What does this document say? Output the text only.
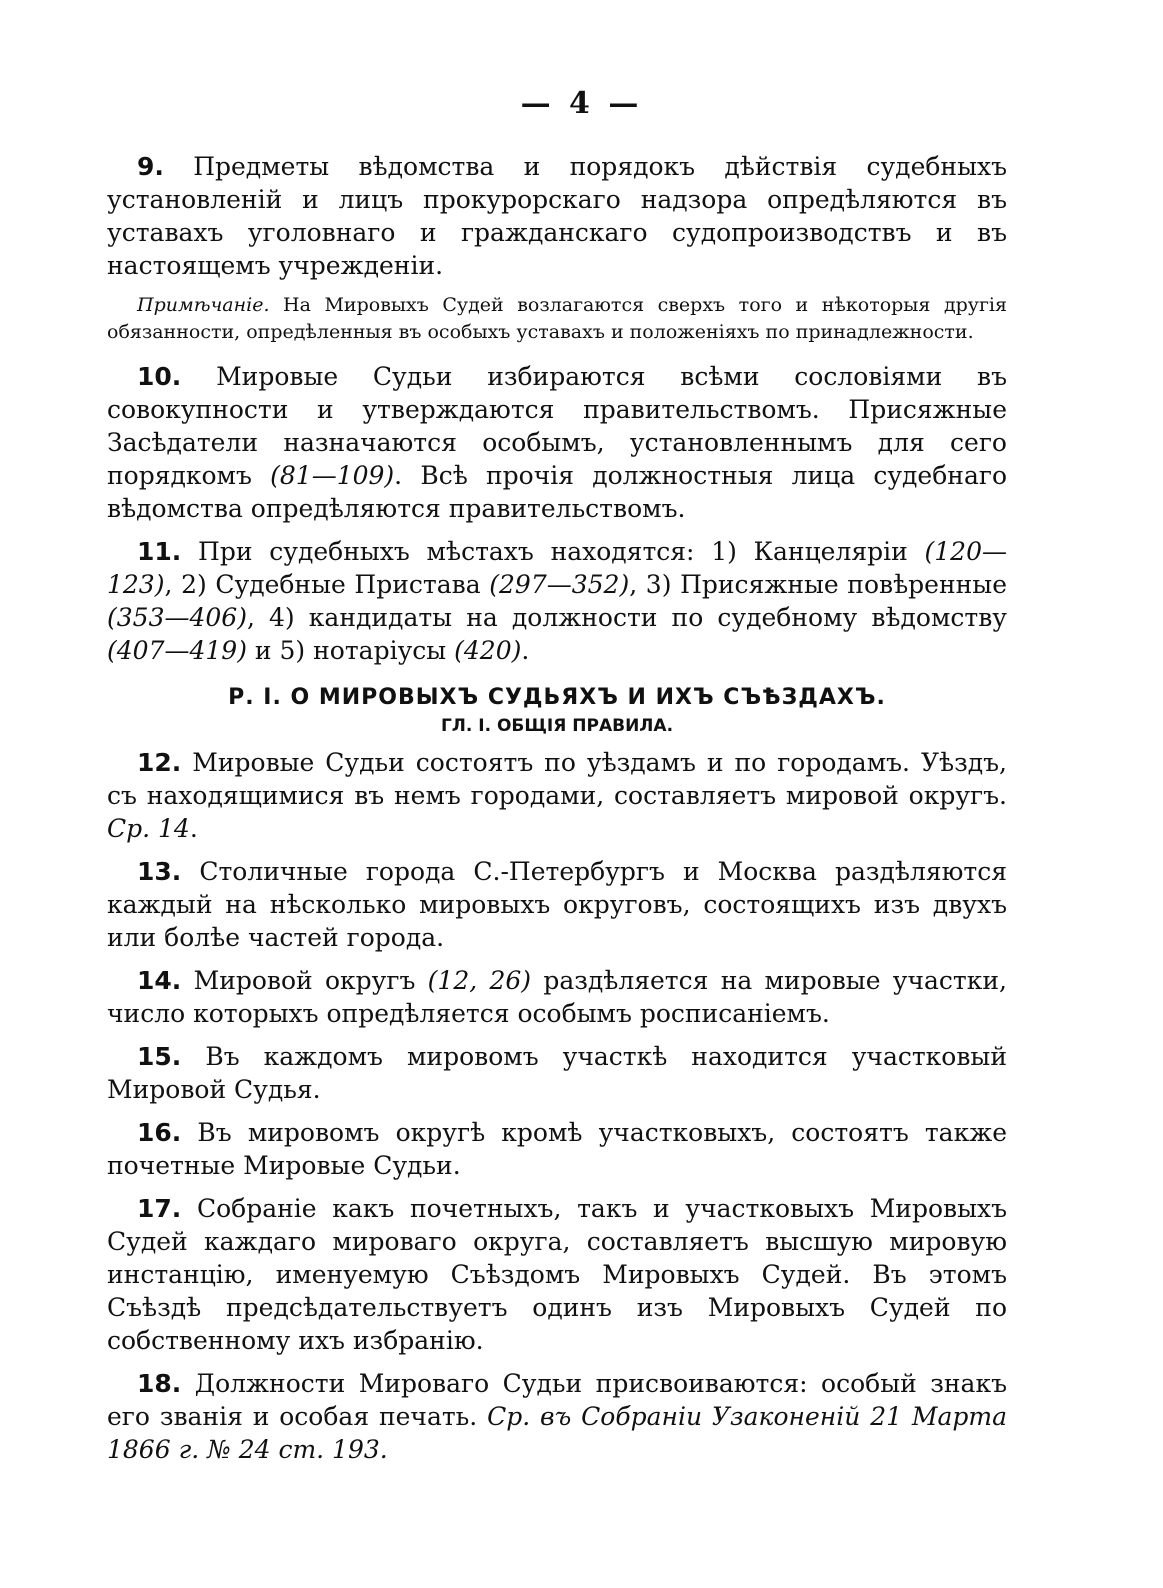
— 4 —

9. Предметы вѣдомства и порядокъ дѣйствія судебныхъ установленій и лицъ прокурорскаго надзора опредѣляются въ уставахъ уголовнаго и гражданскаго судопроизводствъ и въ настоящемъ учрежденіи.

Примѣчаніе. На Мировыхъ Судей возлагаются сверхъ того и нѣкоторыя другія обязанности, опредѣленныя въ особыхъ уставахъ и положеніяхъ по принадлежности.

10. Мировые Судьи избираются всѣми сословіями въ совокупности и утверждаются правительствомъ. Присяжные Засѣдатели назначаются особымъ, установленнымъ для сего порядкомъ (81—109). Всѣ прочія должностныя лица судебнаго вѣдомства опредѣляются правительствомъ.

11. При судебныхъ мѣстахъ находятся: 1) Канцеляріи (120—123), 2) Судебные Пристава (297—352), 3) Присяжные повѣренные (353—406), 4) кандидаты на должности по судебному вѣдомству (407—419) и 5) нотаріусы (420).

Р. I. О МИРОВЫХЪ СУДЬЯХЪ И ИХЪ СЪѢЗДАХЪ.
ГЛ. I. ОБЩІЯ ПРАВИЛА.

12. Мировые Судьи состоятъ по уѣздамъ и по городамъ. Уѣздъ, съ находящимися въ немъ городами, составляетъ мировой округъ. Ср. 14.

13. Столичные города С.-Петербургъ и Москва раздѣляются каждый на нѣсколько мировыхъ округовъ, состоящихъ изъ двухъ или болѣе частей города.

14. Мировой округъ (12, 26) раздѣляется на мировые участки, число которыхъ опредѣляется особымъ росписаніемъ.

15. Въ каждомъ мировомъ участкѣ находится участковый Мировой Судья.

16. Въ мировомъ округѣ кромѣ участковыхъ, состоятъ также почетные Мировые Судьи.

17. Собраніе какъ почетныхъ, такъ и участковыхъ Мировыхъ Судей каждаго мироваго округа, составляетъ высшую мировую инстанцію, именуемую Съѣздомъ Мировыхъ Судей. Въ этомъ Съѣздѣ предсѣдательствуетъ одинъ изъ Мировыхъ Судей по собственному ихъ избранію.

18. Должности Мироваго Судьи присвоиваются: особый знакъ его званія и особая печать. Ср. въ Собраніи Узаконеній 21 Марта 1866 г. № 24 ст. 193.
